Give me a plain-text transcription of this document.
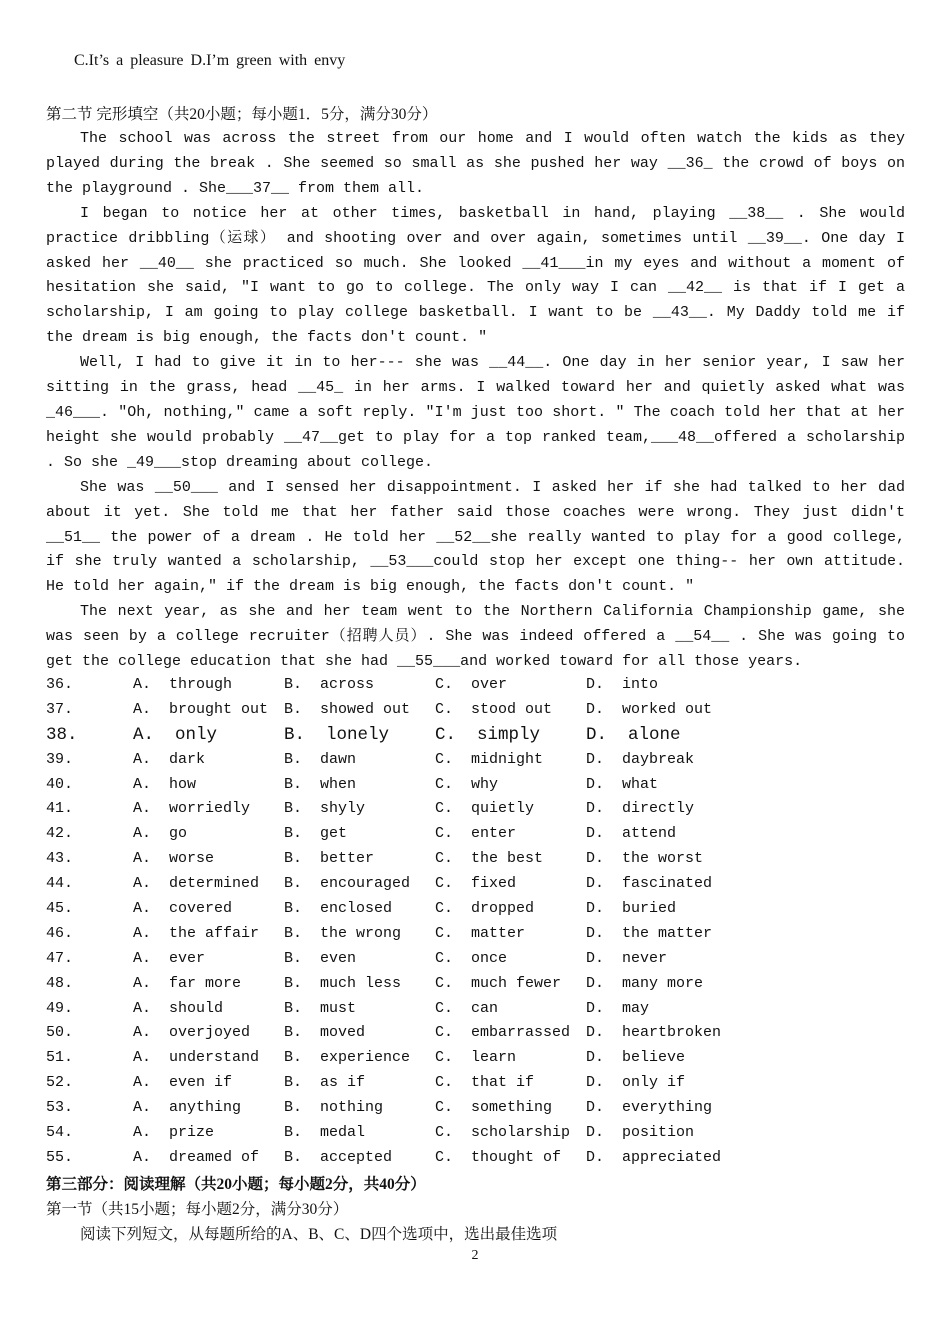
C.It’s a pleasure D.I’m green with envy
第二节 完形填空（共20小题；每小题1．5分，满分30分）

The school was across the street from our home and I would often watch the kids as they played during the break . She seemed so small as she pushed her way __36_ the crowd of boys on the playground . She___37__ from them all.

I began to notice her at other times, basketball in hand, playing __38__ . She would practice dribbling（运球） and shooting over and over again, sometimes until __39__. One day I asked her __40__ she practiced so much. She looked __41___in my eyes and without a moment of hesitation she said, "I want to go to college. The only way I can __42__ is that if I get a scholarship, I am going to play college basketball. I want to be __43__. My Daddy told me if the dream is big enough, the facts don't count. "

Well, I had to give it in to her--- she was __44__. One day in her senior year, I saw her sitting in the grass, head __45_ in her arms. I walked toward her and quietly asked what was _46___. "Oh, nothing," came a soft reply. "I'm just too short. " The coach told her that at her height she would probably __47__get to play for a top ranked team,___48__offered a scholarship . So she _49___stop dreaming about college.

She was __50___ and I sensed her disappointment. I asked her if she had talked to her dad about it yet. She told me that her father said those coaches were wrong. They just didn't __51__ the power of a dream . He told her __52__she really wanted to play for a good college, if she truly wanted a scholarship, __53___could stop her except one thing-- her own attitude. He told her again," if the dream is big enough, the facts don't count. "

The next year, as she and her team went to the Northern California Championship game, she was seen by a college recruiter（招聘人员）. She was indeed offered a __54__ . She was going to get the college education that she had __55___and worked toward for all those years.

36.	A.  through	B.  across	C.  over	D.  into
37.	A.  brought out B.  showed out C.  stood out D.  worked out
38.	A.  only	B.  lonely	C.  simply	D.  alone
39.	A.  dark	B.  dawn	C.  midnight	D.  daybreak
40.	A.  how	B.  when	C.  why	D.  what
41.	A.  worriedly B.  shyly	C.  quietly	D.  directly
42.	A.  go	B.  get	C.  enter	D.  attend
43.	A.  worse	B.  better	C.  the best	D.  the worst
44.	A.  determined B.  encouraged C.  fixed	D.  fascinated
45.	A.  covered	B.  enclosed	C.  dropped	D.  buried
46.	A.  the affair B.  the wrong C.  matter	D.  the matter
47.	A.  ever	B.  even	C.  once	D.  never
48.	A.  far more	B.  much less C.  much fewer D.  many more
49.	A.  should	B.  must	C.  can	D.  may
50.	A.  overjoyed B.  moved	C.  embarrassed D.  heartbroken
51.	A.  understand B.  experience C.  learn	D.  believe
52.	A.  even if	B.  as if	C.  that if	D.  only if
53.	A.  anything	B.  nothing	C.  something D.  everything
54.	A.  prize	B.  medal	C.  scholarship D.  position
55.	A.  dreamed of B.  accepted	C.  thought of D.  appreciated
第三部分：阅读理解（共20小题；每小题2分，共40分）
第一节（共15小题；每小题2分，满分30分）
阅读下列短文，从每题所给的A、B、C、D四个选项中，选出最佳选项
2
